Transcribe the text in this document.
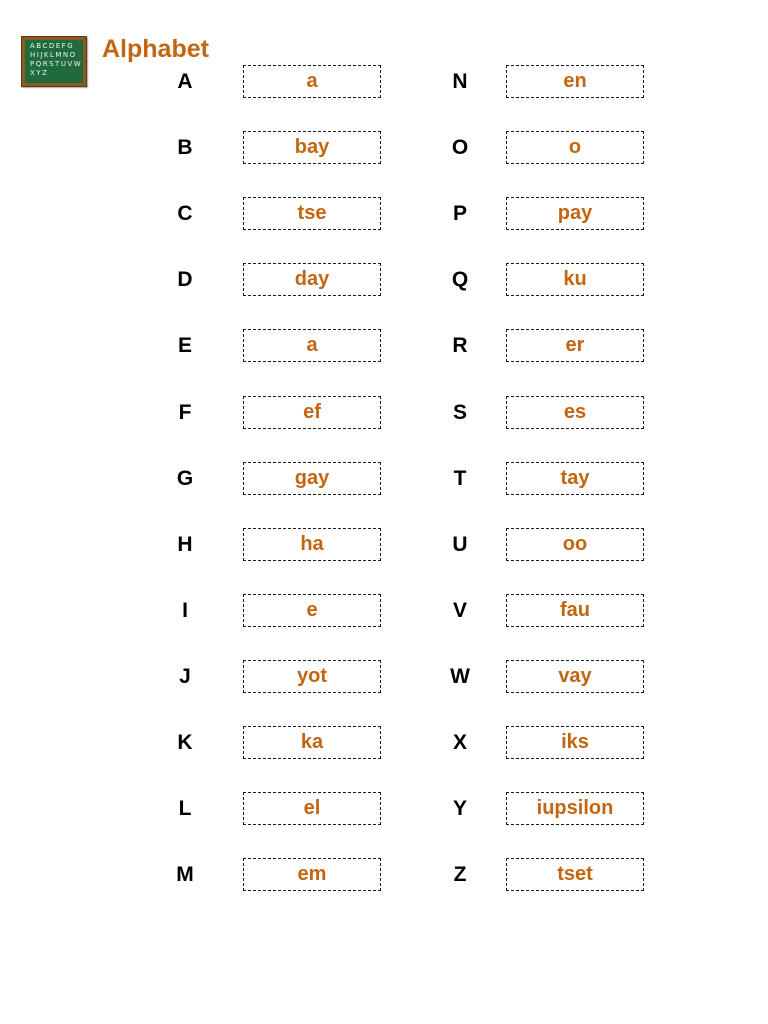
ABCDEFG
HIJKLMNO
PQRSTUVW
XYZ
Alphabet
A	a
B	bay
C	tse
D	day
E	a
F	ef
G	gay
H	ha
I	e
J	yot
K	ka
L	el
M	em
N	en
O	o
P	pay
Q	ku
R	er
S	es
T	tay
U	oo
V	fau
W	vay
X	iks
Y	iupsilon
Z	tset
